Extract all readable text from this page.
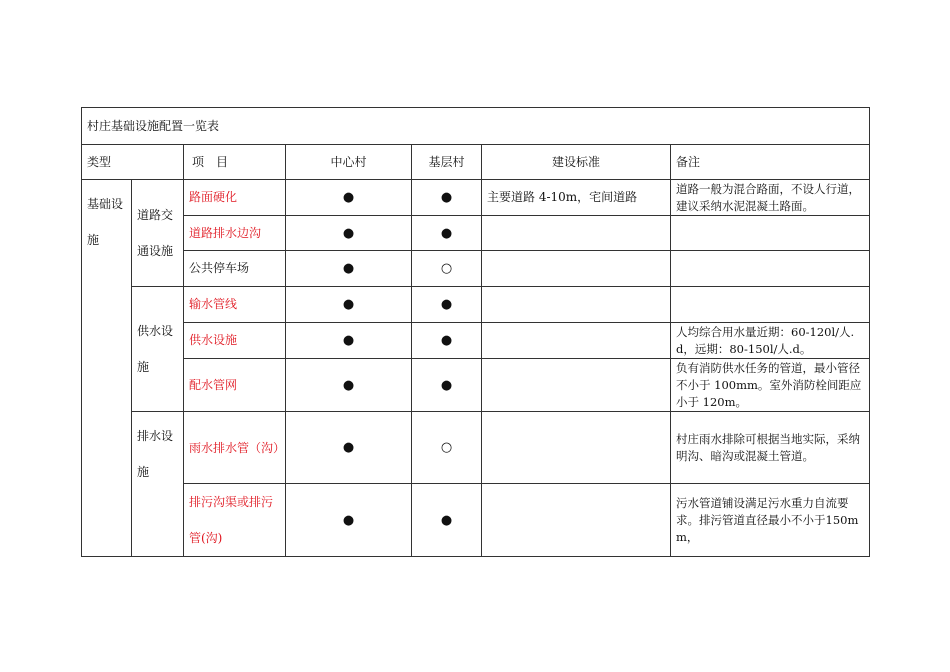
村庄基础设施配置一览表						
类型		项　目	中心村	基层村	建设标准	备注
基础设施	道路交通设施	路面硬化	●	●	主要道路 4-10m，宅间道路	道路一般为混合路面，不设人行道，建议采纳水泥混凝土路面。
		道路排水边沟	●	●		
		公共停车场	●	○		
	供水设施	输水管线	●	●		
		供水设施	●	●		人均综合用水量近期：60-120l/人.d，远期：80-150l/人.d。
		配水管网	●	●		负有消防供水任务的管道，最小管径不小于 100mm。室外消防栓间距应小于 120m。
	排水设施	雨水排水管（沟）	●	○		村庄雨水排除可根据当地实际，采纳明沟、暗沟或混凝土管道。
		排污沟渠或排污管(沟)	●	●		污水管道铺设满足污水重力自流要求。排污管道直径最小不小于150mm，
